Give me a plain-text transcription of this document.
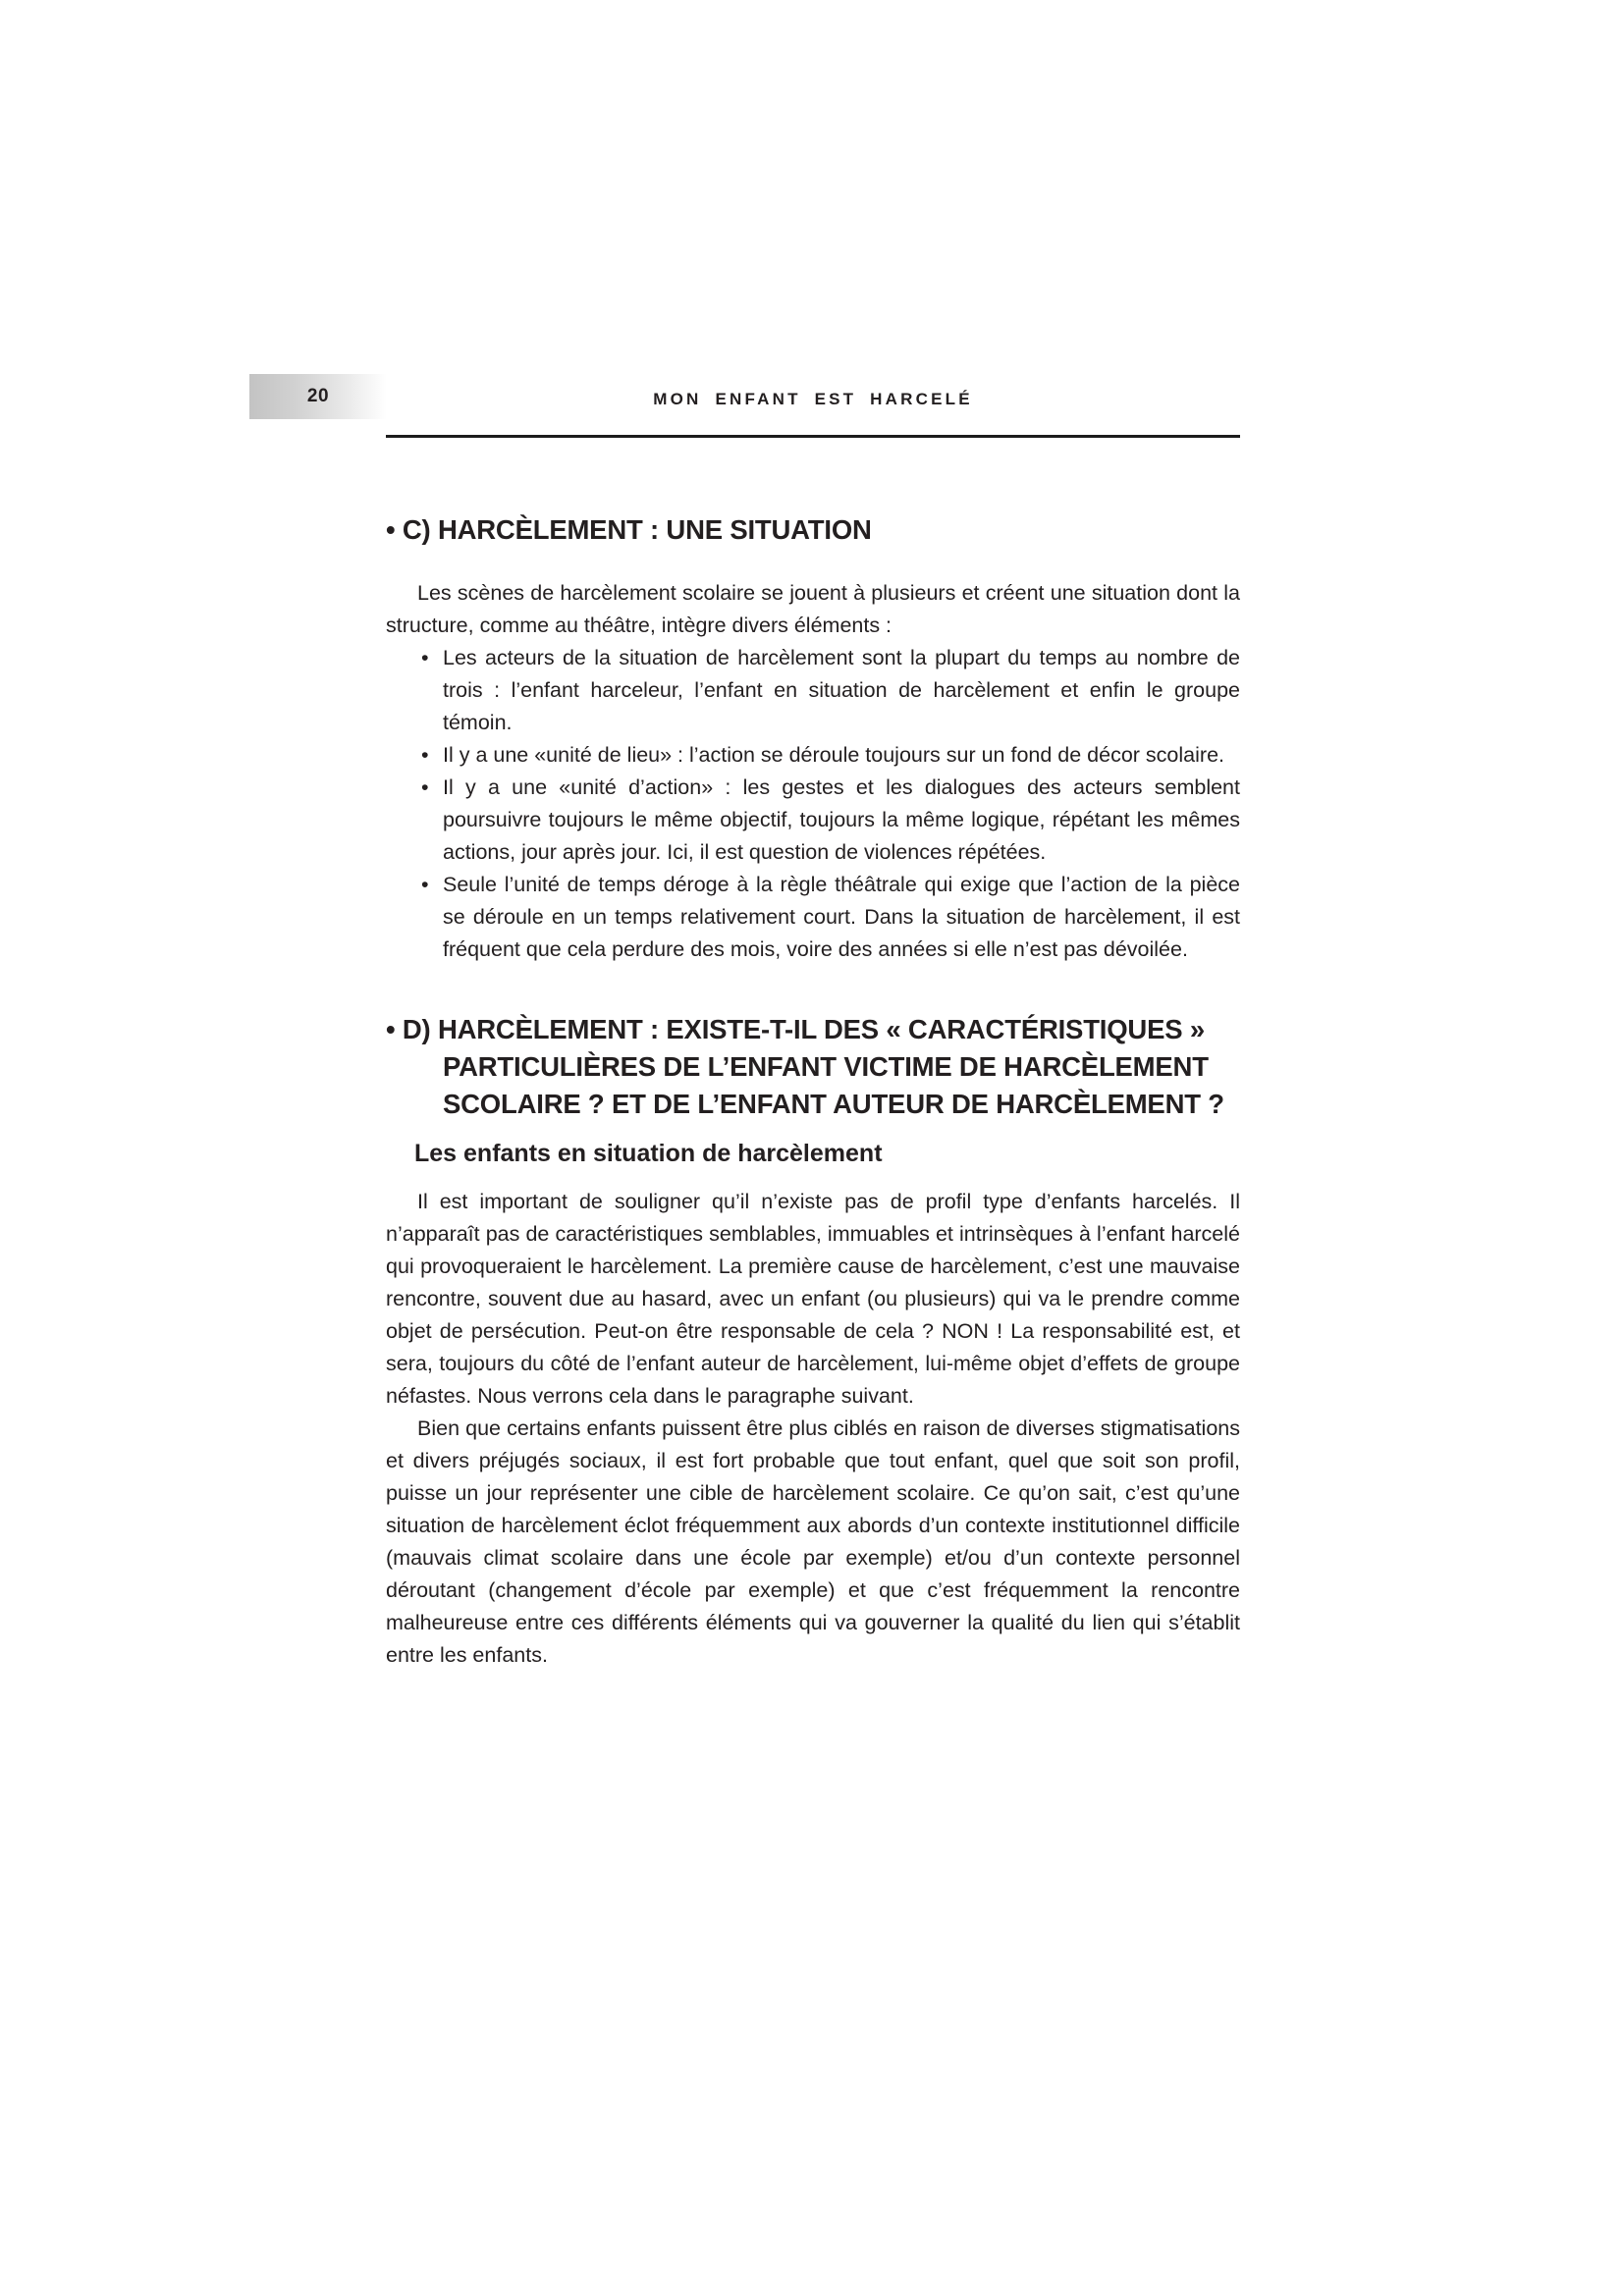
20	MON ENFANT EST HARCELÉ
• C) HARCÈLEMENT : UNE SITUATION

Les scènes de harcèlement scolaire se jouent à plusieurs et créent une situation dont la structure, comme au théâtre, intègre divers éléments :

• Les acteurs de la situation de harcèlement sont la plupart du temps au nombre de trois : l’enfant harceleur, l’enfant en situation de harcèlement et enfin le groupe témoin.
• Il y a une «unité de lieu» : l’action se déroule toujours sur un fond de décor scolaire.
• Il y a une «unité d’action» : les gestes et les dialogues des acteurs semblent poursuivre toujours le même objectif, toujours la même logique, répétant les mêmes actions, jour après jour. Ici, il est question de violences répétées.
• Seule l’unité de temps déroge à la règle théâtrale qui exige que l’action de la pièce se déroule en un temps relativement court. Dans la situation de harcèlement, il est fréquent que cela perdure des mois, voire des années si elle n’est pas dévoilée.
• D) HARCÈLEMENT : EXISTE-T-IL DES « CARACTÉRISTIQUES » PARTICULIÈRES DE L’ENFANT VICTIME DE HARCÈLEMENT SCOLAIRE ? ET DE L’ENFANT AUTEUR DE HARCÈLEMENT ?
Les enfants en situation de harcèlement

Il est important de souligner qu’il n’existe pas de profil type d’enfants harcelés. Il n’apparaît pas de caractéristiques semblables, immuables et intrinsèques à l’enfant harcelé qui provoqueraient le harcèlement. La première cause de harcèlement, c’est une mauvaise rencontre, souvent due au hasard, avec un enfant (ou plusieurs) qui va le prendre comme objet de persécution. Peut-on être responsable de cela ? NON ! La responsabilité est, et sera, toujours du côté de l’enfant auteur de harcèlement, lui-même objet d’effets de groupe néfastes. Nous verrons cela dans le paragraphe suivant.

Bien que certains enfants puissent être plus ciblés en raison de diverses stigmatisations et divers préjugés sociaux, il est fort probable que tout enfant, quel que soit son profil, puisse un jour représenter une cible de harcèlement scolaire. Ce qu’on sait, c’est qu’une situation de harcèlement éclot fréquemment aux abords d’un contexte institutionnel difficile (mauvais climat scolaire dans une école par exemple) et/ou d’un contexte personnel déroutant (changement d’école par exemple) et que c’est fréquemment la rencontre malheureuse entre ces différents éléments qui va gouverner la qualité du lien qui s’établit entre les enfants.
